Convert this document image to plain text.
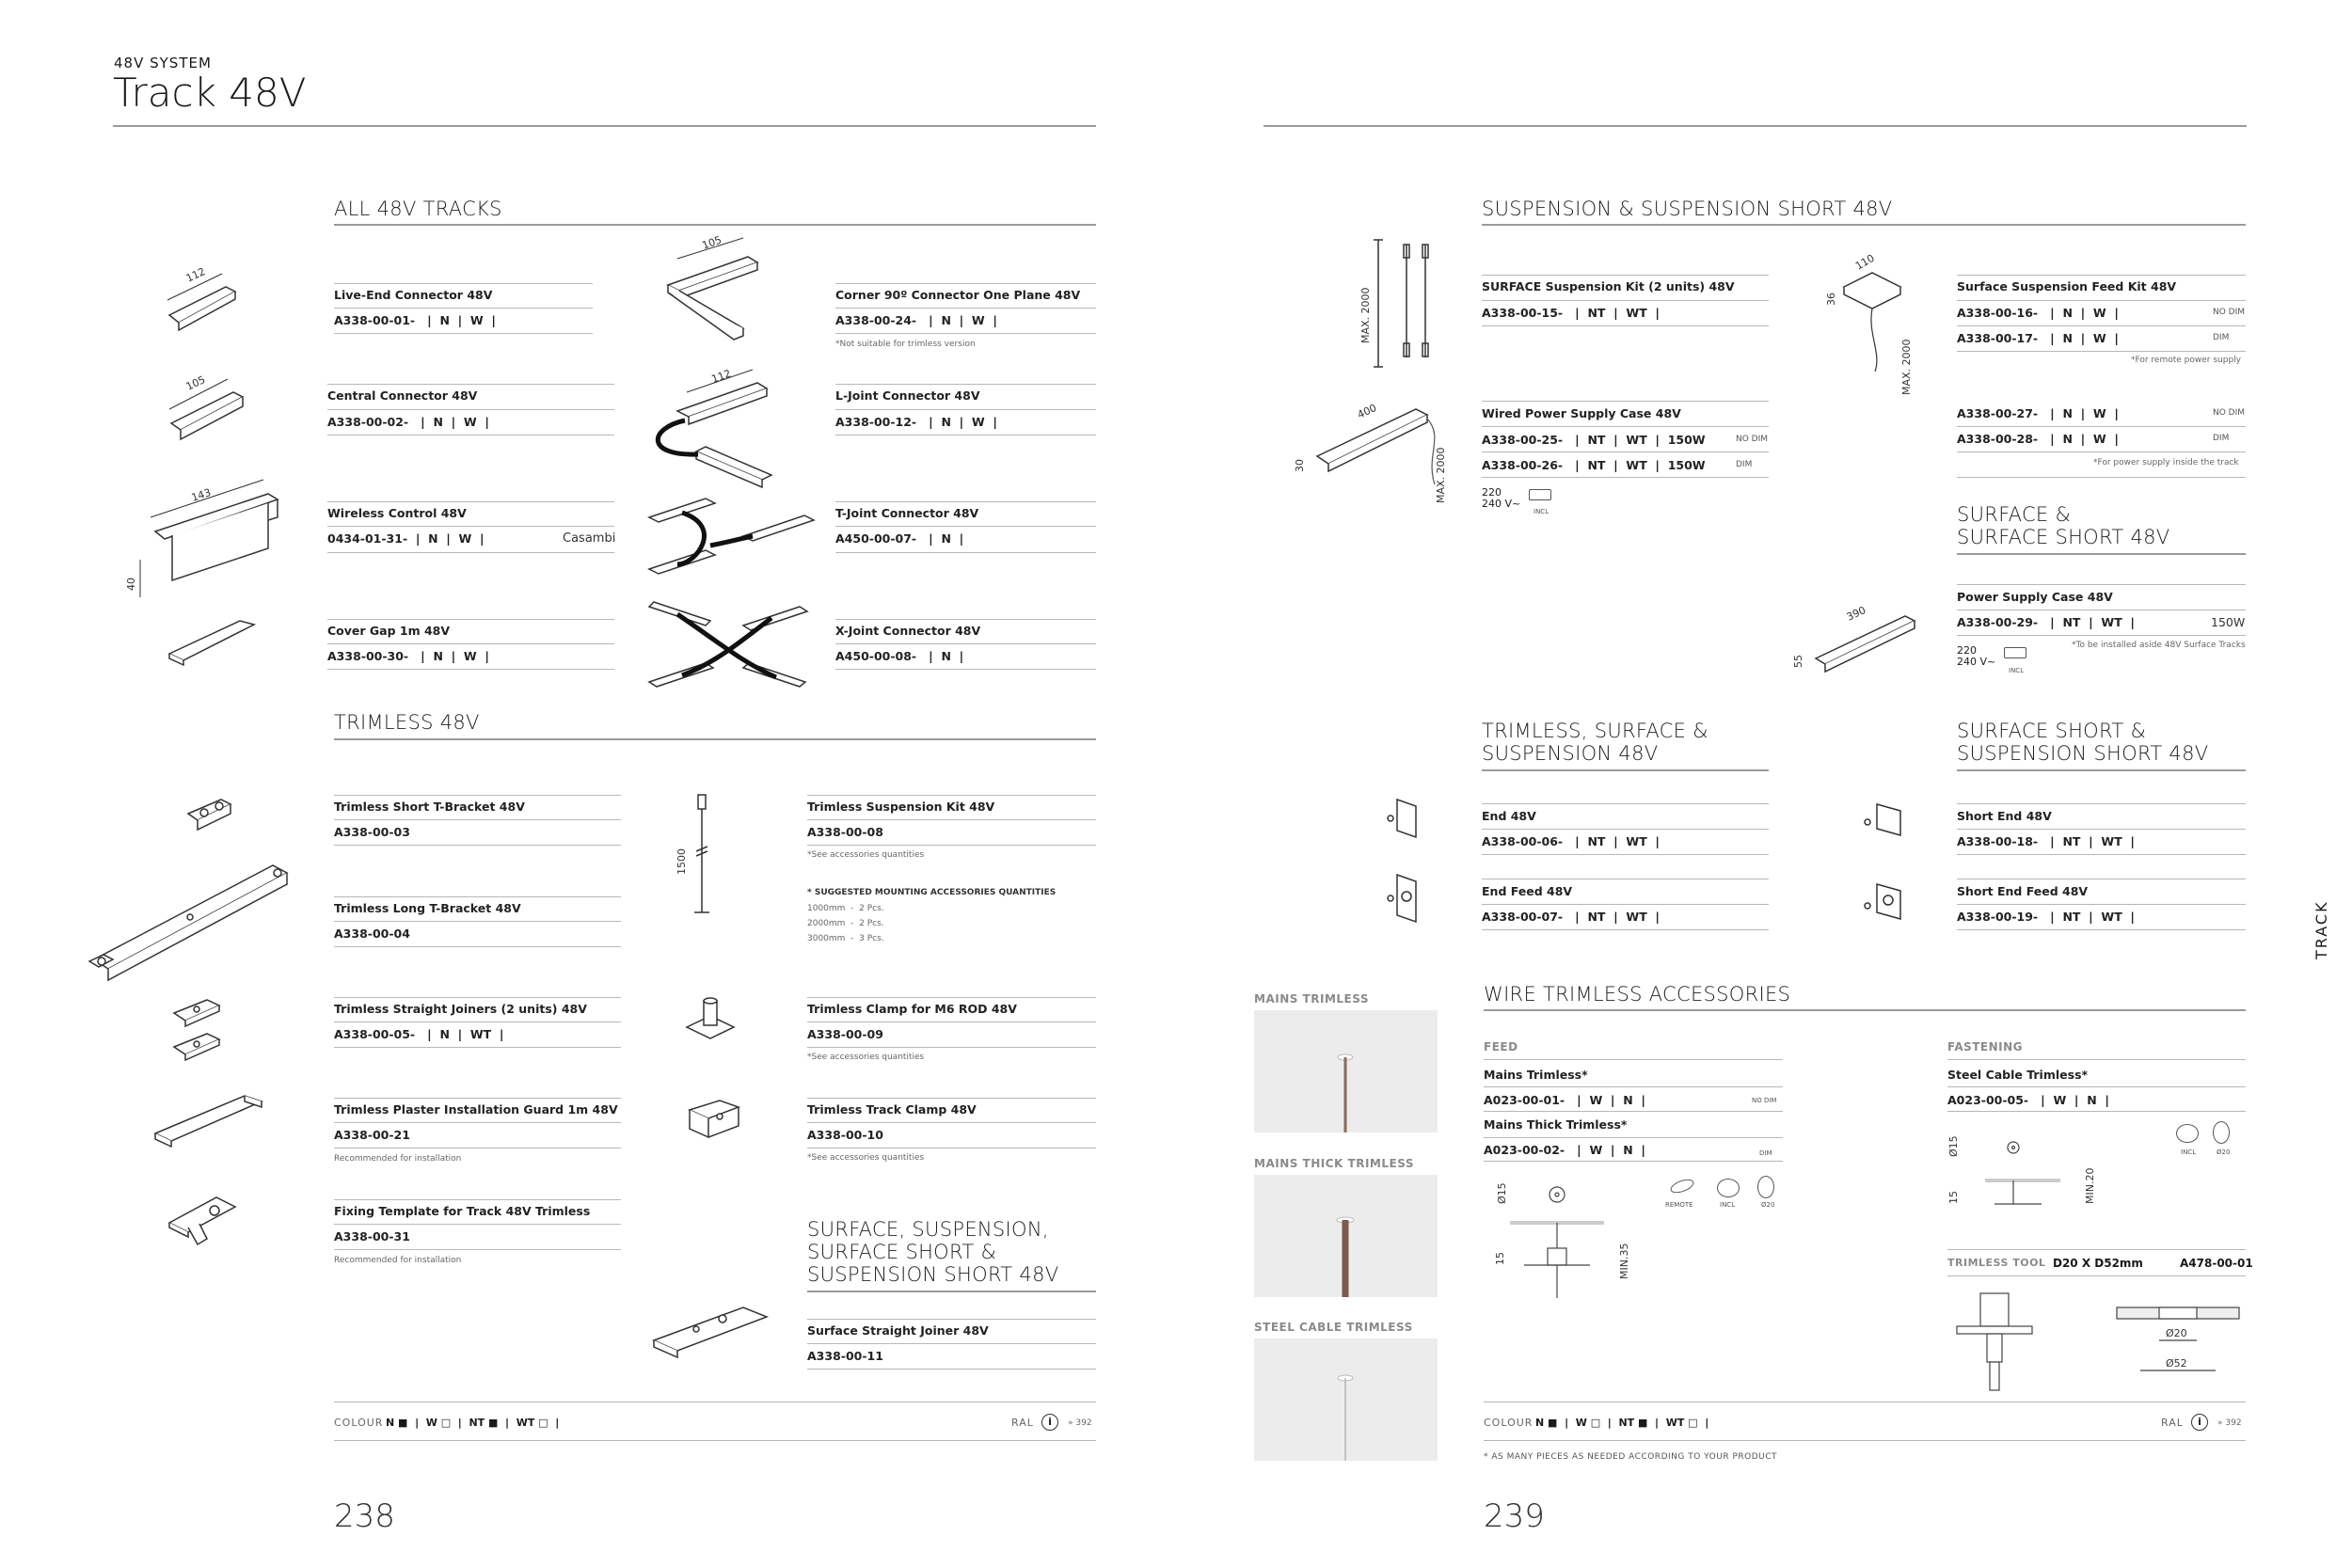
48V SYSTEM
Track 48V
TRACK
ALL 48V TRACKS
112
105
143
40
Live-End Connector 48V
A338-00-01-   |  N  |  W  |
Central Connector 48V
A338-00-02-   |  N  |  W  |
Wireless Control 48V
0434-01-31-  |  N  |  W  |	Casambi
Cover Gap 1m 48V
A338-00-30-   |  N  |  W  |
105
112
Corner 90º Connector One Plane 48V
A338-00-24-   |  N  |  W  |
*Not suitable for trimless version
L-Joint Connector 48V
A338-00-12-   |  N  |  W  |
T-Joint Connector 48V
A450-00-07-   |  N  |
X-Joint Connector 48V
A450-00-08-   |  N  |
TRIMLESS 48V
Trimless Short T-Bracket 48V
A338-00-03
Trimless Long T-Bracket 48V
A338-00-04
Trimless Straight Joiners (2 units) 48V
A338-00-05-   |  N  |  WT  |
Trimless Plaster Installation Guard 1m 48V
A338-00-21
Recommended for installation
Fixing Template for Track 48V Trimless
A338-00-31
Recommended for installation
1500
Trimless Suspension Kit 48V
A338-00-08
*See accessories quantities
* SUGGESTED MOUNTING ACCESSORIES QUANTITIES
1000mm  -  2 Pcs.
2000mm  -  2 Pcs.
3000mm  -  3 Pcs.
Trimless Clamp for M6 ROD 48V
A338-00-09
*See accessories quantities
Trimless Track Clamp 48V
A338-00-10
*See accessories quantities
SURFACE, SUSPENSION,
SURFACE SHORT &
SUSPENSION SHORT 48V
Surface Straight Joiner 48V
A338-00-11
COLOUR N ■  |  W □  |  NT ■  |  WT □  |	RAL	i	» 392
238
SUSPENSION & SUSPENSION SHORT 48V
MAX. 2000
400
30	MAX. 2000
SURFACE Suspension Kit (2 units) 48V
A338-00-15-   |  NT  |  WT  |
Wired Power Supply Case 48V
A338-00-25-   |  NT  |  WT  |  150W	NO DIM
A338-00-26-   |  NT  |  WT  |  150W	DIM
220
240 V~
INCL
110
36
MAX. 2000
Surface Suspension Feed Kit 48V
A338-00-16-   |  N  |  W  |	NO DIM
A338-00-17-   |  N  |  W  |	DIM
*For remote power supply
A338-00-27-   |  N  |  W  |	NO DIM
A338-00-28-   |  N  |  W  |	DIM
*For power supply inside the track
SURFACE &
SURFACE SHORT 48V
390
55
Power Supply Case 48V
A338-00-29-   |  NT  |  WT  |	150W
*To be installed aside 48V Surface Tracks
220
240 V~
INCL
TRIMLESS, SURFACE &
SUSPENSION 48V
End 48V
A338-00-06-   |  NT  |  WT  |
End Feed 48V
A338-00-07-   |  NT  |  WT  |
SURFACE SHORT &
SUSPENSION SHORT 48V
Short End 48V
A338-00-18-   |  NT  |  WT  |
Short End Feed 48V
A338-00-19-   |  NT  |  WT  |
MAINS TRIMLESS
MAINS THICK TRIMLESS
STEEL CABLE TRIMLESS
WIRE TRIMLESS ACCESSORIES
FEED
Mains Trimless*
NO DIM
A023-00-01-   |  W  |  N  |
Mains Thick Trimless*
DIM
A023-00-02-   |  W  |  N  |
REMOTE	INCL	Ø20
Ø15
15	MIN.35
FASTENING
Steel Cable Trimless*
A023-00-05-   |  W  |  N  |
INCL	Ø20
Ø15
15	MIN.20
TRIMLESS TOOL D20 X D52mm	A478-00-01
Ø20
Ø52
COLOUR N ■  |  W □  |  NT ■  |  WT □  |	RAL	i	» 392
* AS MANY PIECES AS NEEDED ACCORDING TO YOUR PRODUCT
239
